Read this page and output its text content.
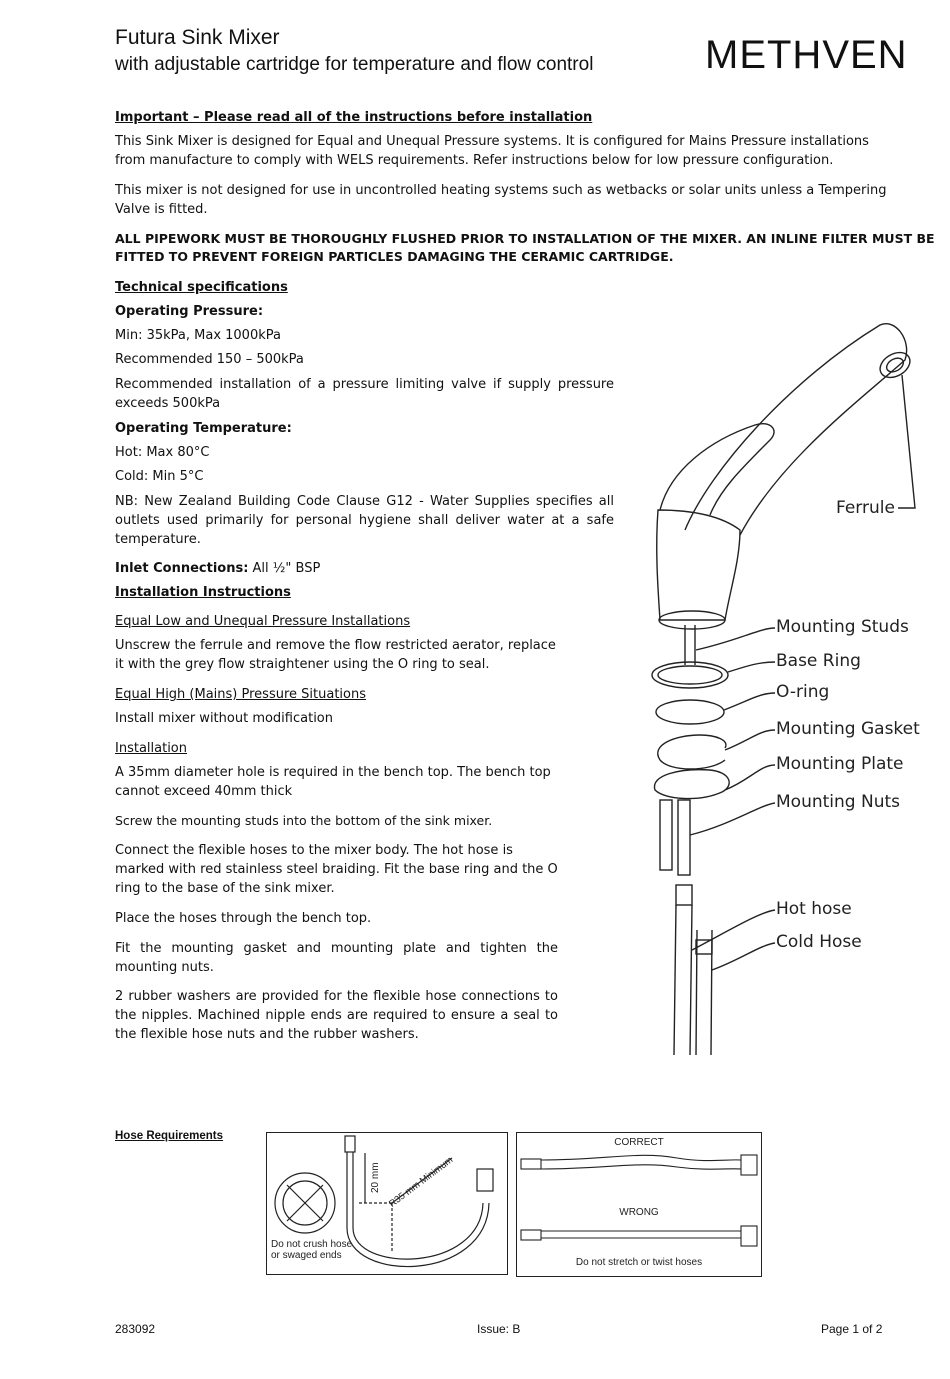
Futura Sink Mixer
with adjustable cartridge for temperature and flow control	METHVEN
Important – Please read all of the instructions before installation
This Sink Mixer is designed for Equal and Unequal Pressure systems. It is configured for Mains Pressure installations
from manufacture to comply with WELS requirements. Refer instructions below for low pressure configuration.
This mixer is not designed for use in uncontrolled heating systems such as wetbacks or solar units unless a Tempering
Valve is fitted.
ALL PIPEWORK MUST BE THOROUGHLY FLUSHED PRIOR TO INSTALLATION OF THE MIXER. AN INLINE FILTER MUST BE
FITTED TO PREVENT FOREIGN PARTICLES DAMAGING THE CERAMIC CARTRIDGE.
Technical specifications
Operating Pressure:
Min: 35kPa, Max 1000kPa
Recommended 150 – 500kPa
Recommended installation of a pressure limiting valve if supply pressure exceeds 500kPa
Operating Temperature:
Hot: Max 80°C
Cold: Min 5°C
NB: New Zealand Building Code Clause G12 - Water Supplies specifies all outlets used primarily for personal hygiene shall deliver water at a safe temperature.
Inlet Connections: All ½" BSP
Installation Instructions
Equal Low and Unequal Pressure Installations
Unscrew the ferrule and remove the flow restricted aerator, replace it with the grey flow straightener using the O ring to seal.
Equal High (Mains) Pressure Situations
Install mixer without modification
Installation
A 35mm diameter hole is required in the bench top. The bench top cannot exceed 40mm thick
Screw the mounting studs into the bottom of the sink mixer.
Connect the flexible hoses to the mixer body. The hot hose is marked with red stainless steel braiding. Fit the base ring and the O ring to the base of the sink mixer.
Place the hoses through the bench top.
Fit the mounting gasket and mounting plate and tighten the mounting nuts.
2 rubber washers are provided for the flexible hose connections to the nipples. Machined nipple ends are required to ensure a seal to the flexible hose nuts and the rubber washers.
Ferrule
Mounting Studs
Base Ring
O-ring
Mounting Gasket
Mounting Plate
Mounting Nuts
Hot hose
Cold Hose
Hose Requirements
20 mm R35 mm Minimum
Do not crush hose or swaged ends
CORRECT
WRONG
Do not stretch or twist hoses
283092	Issue: B	Page 1 of 2
